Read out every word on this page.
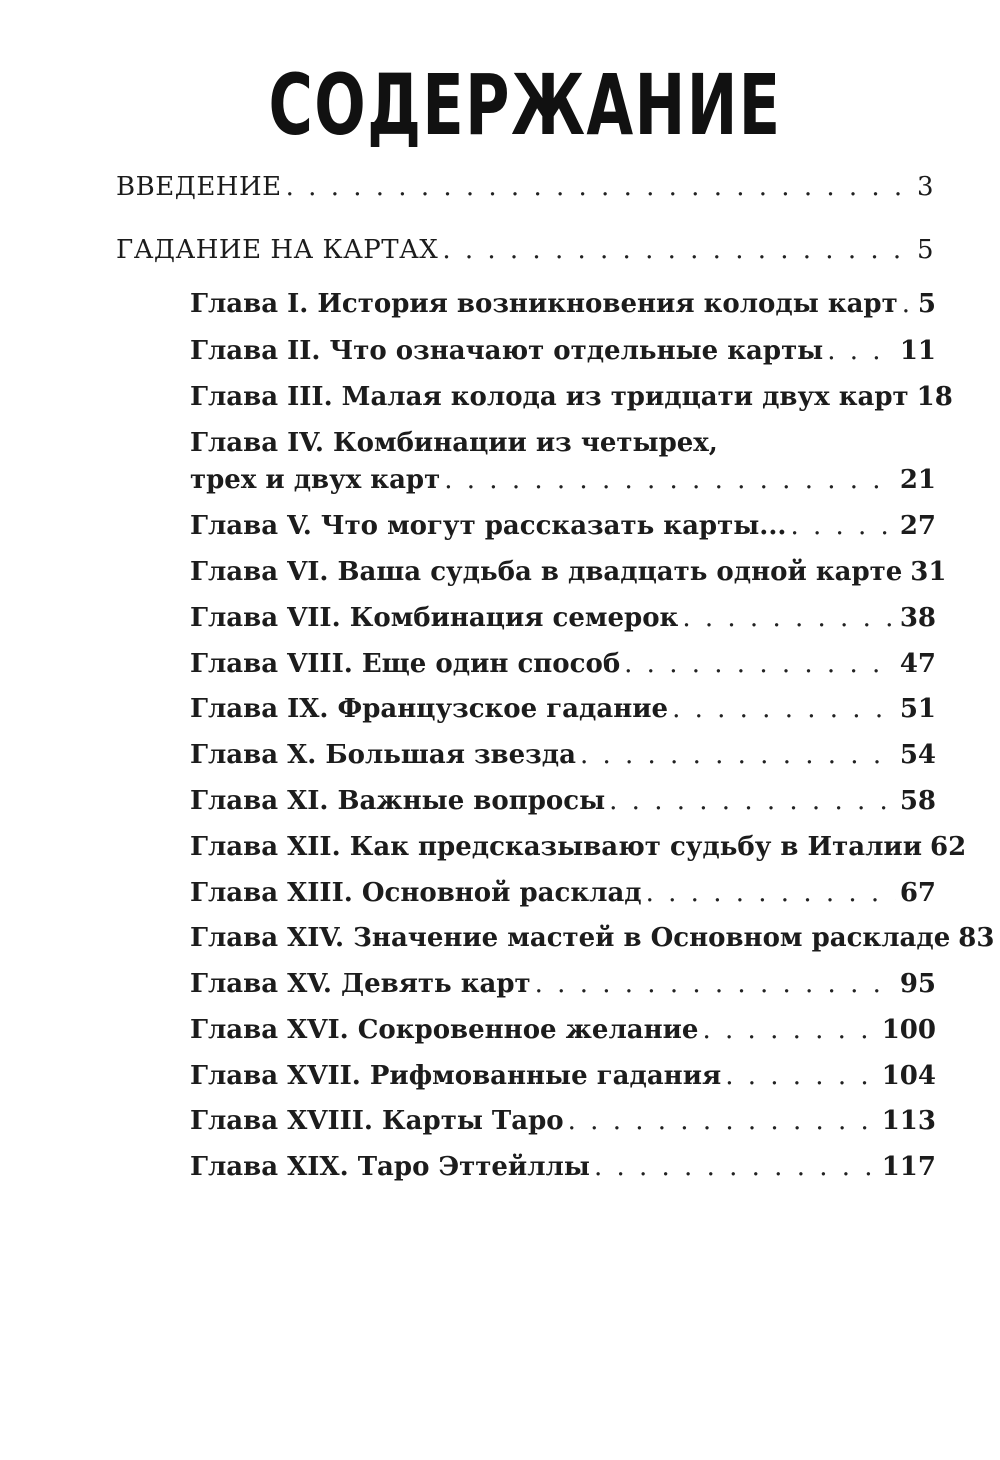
СОДЕРЖАНИЕ
ВВЕДЕНИЕ . . .	3
ГАДАНИЕ НА КАРТАХ . . .	5
Глава I. История возникновения колоды карт . . . 5
Глава II. Что означают отдельные карты . . .	11
Глава III. Малая колода из тридцати двух карт 18
Глава IV. Комбинации из четырех,
трех и двух карт . . .	21
Глава V. Что могут рассказать карты... . . .	27
Глава VI. Ваша судьба в двадцать одной карте 31
Глава VII. Комбинация семерок . . .	38
Глава VIII. Еще один способ . . .	47
Глава IX. Французское гадание . . .	51
Глава X. Большая звезда . . .	54
Глава XI. Важные вопросы . . .	58
Глава XII. Как предсказывают судьбу в Италии 62
Глава XIII. Основной расклад . . .	67
Глава XIV. Значение мастей в Основном раскладе 83
Глава XV. Девять карт . . .	95
Глава XVI. Сокровенное желание . . .	100
Глава XVII. Рифмованные гадания . . .	104
Глава XVIII. Карты Таро . . .	113
Глава XIX. Таро Эттейллы . . .	117
